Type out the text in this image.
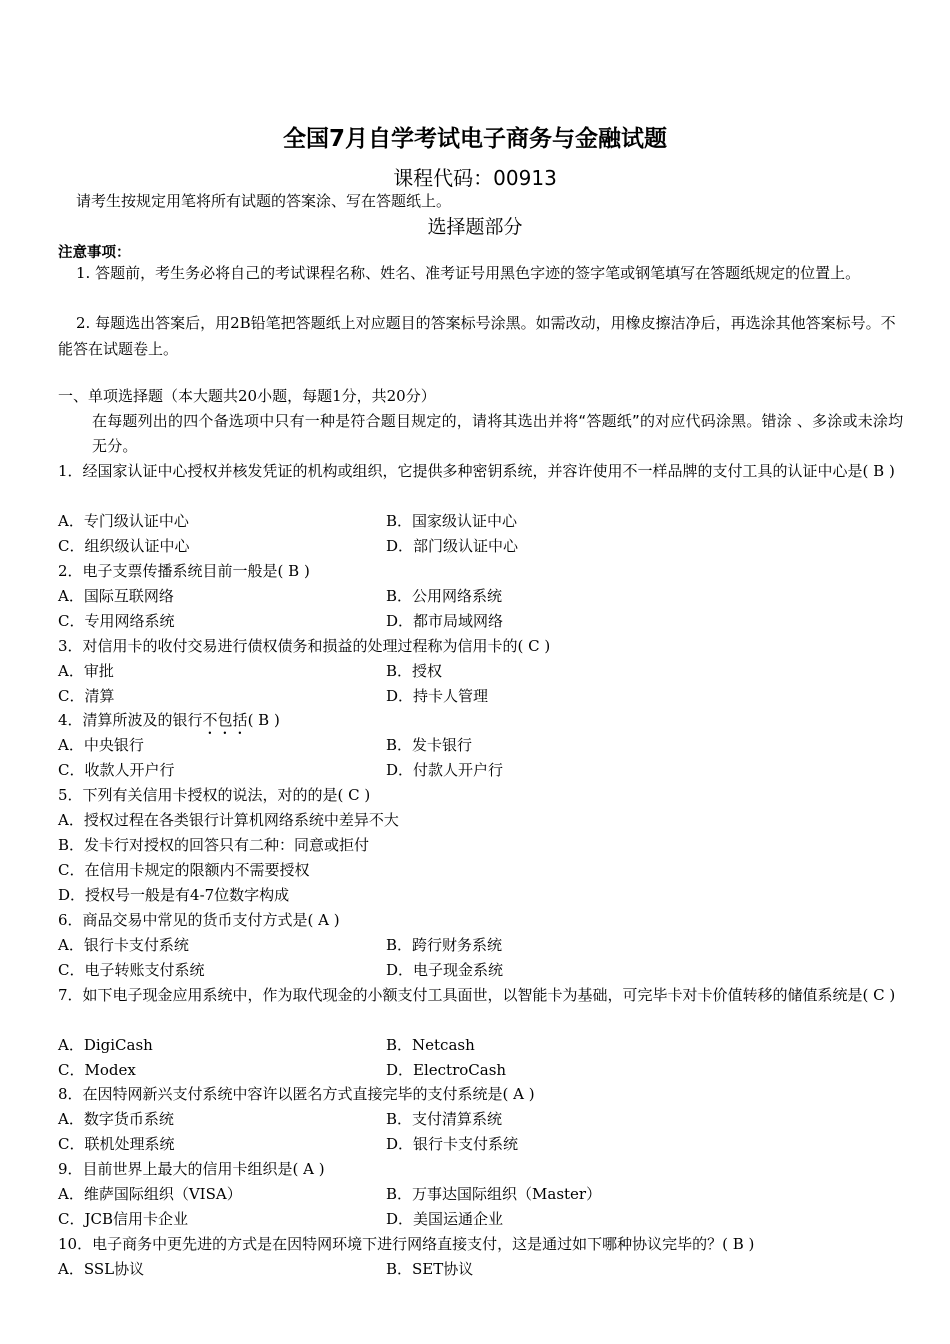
全国7月自学考试电子商务与金融试题
课程代码：00913
请考生按规定用笔将所有试题的答案涂、写在答题纸上。
选择题部分
注意事项：
1. 答题前，考生务必将自己的考试课程名称、姓名、准考证号用黑色字迹的签字笔或钢笔填写在答题纸规定的位置上。
2. 每题选出答案后，用2B铅笔把答题纸上对应题目的答案标号涂黑。如需改动，用橡皮擦洁净后，再选涂其他答案标号。不能答在试题卷上。
一、单项选择题（本大题共20小题，每题1分，共20分）
在每题列出的四个备选项中只有一种是符合题目规定的，请将其选出并将“答题纸”的对应代码涂黑。错涂 、多涂或未涂均无分。
1．经国家认证中心授权并核发凭证的机构或组织，它提供多种密钥系统，并容许使用不一样品牌的支付工具的认证中心是( B )
A．专门级认证中心	B．国家级认证中心
C．组织级认证中心	D．部门级认证中心
2．电子支票传播系统目前一般是( B )
A．国际互联网络	B．公用网络系统
C．专用网络系统	D．都市局域网络
3．对信用卡的收付交易进行债权债务和损益的处理过程称为信用卡的( C )
A．审批	B．授权
C．清算	D．持卡人管理
4．清算所波及的银行不包括( B )
A．中央银行	B．发卡银行
C．收款人开户行	D．付款人开户行
5．下列有关信用卡授权的说法，对的的是( C )
A．授权过程在各类银行计算机网络系统中差异不大
B．发卡行对授权的回答只有二种：同意或拒付
C．在信用卡规定的限额内不需要授权
D．授权号一般是有4-7位数字构成
6．商品交易中常见的货币支付方式是( A )
A．银行卡支付系统	B．跨行财务系统
C．电子转账支付系统	D．电子现金系统
7．如下电子现金应用系统中，作为取代现金的小额支付工具面世，以智能卡为基础，可完毕卡对卡价值转移的储值系统是( C )
A．DigiCash	B．Netcash
C．Modex	D．ElectroCash
8．在因特网新兴支付系统中容许以匿名方式直接完毕的支付系统是( A )
A．数字货币系统	B．支付清算系统
C．联机处理系统	D．银行卡支付系统
9．目前世界上最大的信用卡组织是( A )
A．维萨国际组织（VISA）	B．万事达国际组织（Master）
C．JCB信用卡企业	D．美国运通企业
10．电子商务中更先进的方式是在因特网环境下进行网络直接支付，这是通过如下哪种协议完毕的？( B )
A．SSL协议	B．SET协议
